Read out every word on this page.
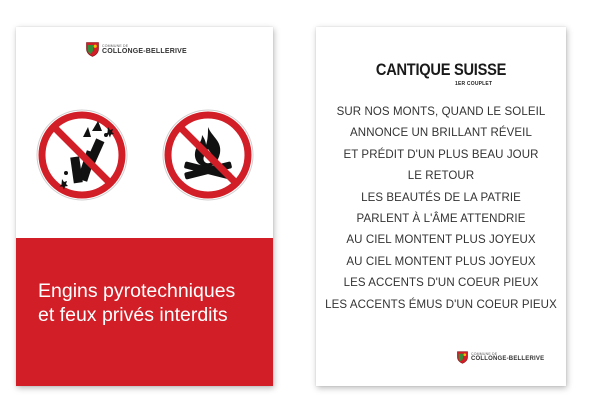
COMMUNE DE
COLLONGE-BELLERIVE
Engins pyrotechniques
et feux privés interdits
CANTIQUE SUISSE
1ER COUPLET
SUR NOS MONTS, QUAND LE SOLEIL
ANNONCE UN BRILLANT RÉVEIL
ET PRÉDIT D'UN PLUS BEAU JOUR
LE RETOUR
LES BEAUTÉS DE LA PATRIE
PARLENT À L'ÂME ATTENDRIE
AU CIEL MONTENT PLUS JOYEUX
AU CIEL MONTENT PLUS JOYEUX
LES ACCENTS D'UN COEUR PIEUX
LES ACCENTS ÉMUS D'UN COEUR PIEUX
COMMUNE DE
COLLONGE-BELLERIVE
